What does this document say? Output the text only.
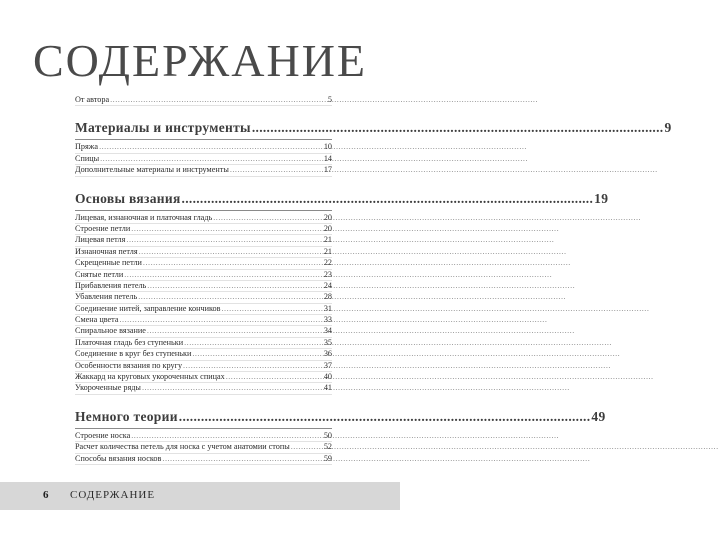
СОДЕРЖАНИЕ
От автора .....	5
Материалы и инструменты .....	9
Пряжа .....	10
Спицы .....	14
Дополнительные материалы и инструменты .....	17
Основы вязания .....	19
Лицевая, изнаночная и платочная гладь .....	20
Строение петли .....	20
Лицевая петля .....	21
Изнаночная петля .....	21
Скрещенные петли .....	22
Снятые петли .....	23
Прибавления петель .....	24
Убавления петель .....	28
Соединение нитей, заправление кончиков .....	31
Смена цвета .....	33
Спиральное вязание .....	34
Платочная гладь без ступеньки .....	35
Соединение в круг без ступеньки .....	36
Особенности вязания по кругу .....	37
Жаккард на круговых укороченных спицах .....	40
Укороченные ряды .....	41
Немного теории .....	49
Строение носка .....	50
Расчет количества петель для носка с учетом анатомии стопы .....	52
Способы вязания носков .....	59
6 СОДЕРЖАНИЕ
